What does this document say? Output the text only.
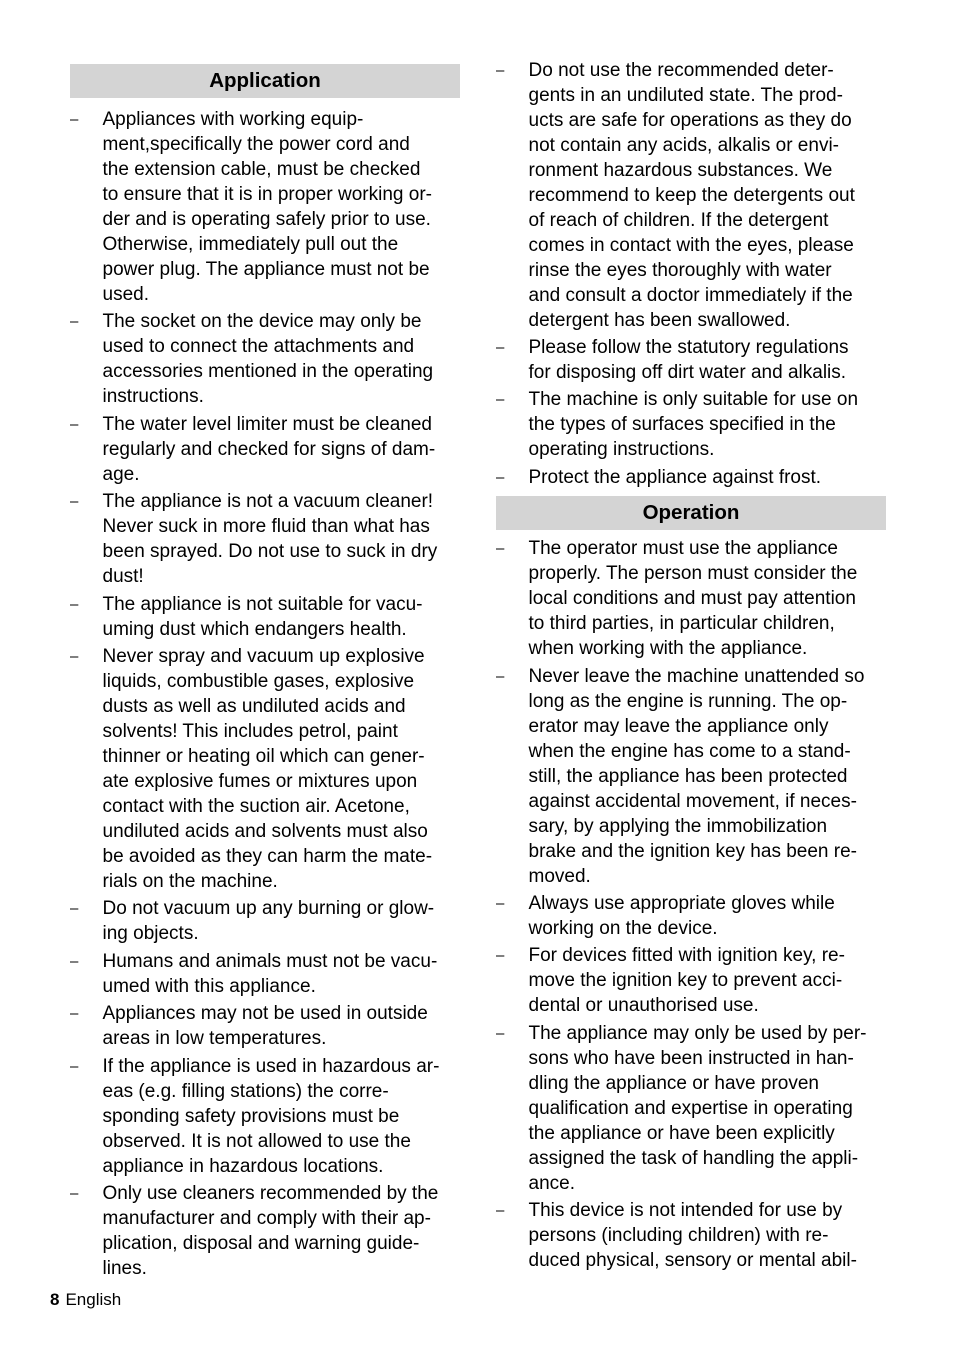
Application
– Appliances with working equip-
ment,specifically the power cord and
the extension cable, must be checked
to ensure that it is in proper working or-
der and is operating safely prior to use.
Otherwise, immediately pull out the
power plug. The appliance must not be
used.
– The socket on the device may only be
used to connect the attachments and
accessories mentioned in the operating
instructions.
– The water level limiter must be cleaned
regularly and checked for signs of dam-
age.
– The appliance is not a vacuum cleaner!
Never suck in more fluid than what has
been sprayed. Do not use to suck in dry
dust!
– The appliance is not suitable for vacu-
uming dust which endangers health.
– Never spray and vacuum up explosive
liquids, combustible gases, explosive
dusts as well as undiluted acids and
solvents! This includes petrol, paint
thinner or heating oil which can gener-
ate explosive fumes or mixtures upon
contact with the suction air. Acetone,
undiluted acids and solvents must also
be avoided as they can harm the mate-
rials on the machine.
– Do not vacuum up any burning or glow-
ing objects.
– Humans and animals must not be vacu-
umed with this appliance.
– Appliances may not be used in outside
areas in low temperatures.
– If the appliance is used in hazardous ar-
eas (e.g. filling stations) the corre-
sponding safety provisions must be
observed. It is not allowed to use the
appliance in hazardous locations.
– Only use cleaners recommended by the
manufacturer and comply with their ap-
plication, disposal and warning guide-
lines.
– Do not use the recommended deter-
gents in an undiluted state. The prod-
ucts are safe for operations as they do
not contain any acids, alkalis or envi-
ronment hazardous substances. We
recommend to keep the detergents out
of reach of children. If the detergent
comes in contact with the eyes, please
rinse the eyes thoroughly with water
and consult a doctor immediately if the
detergent has been swallowed.
– Please follow the statutory regulations
for disposing off dirt water and alkalis.
– The machine is only suitable for use on
the types of surfaces specified in the
operating instructions.
– Protect the appliance against frost.
Operation
– The operator must use the appliance
properly. The person must consider the
local conditions and must pay attention
to third parties, in particular children,
when working with the appliance.
– Never leave the machine unattended so
long as the engine is running. The op-
erator may leave the appliance only
when the engine has come to a stand-
still, the appliance has been protected
against accidental movement, if neces-
sary, by applying the immobilization
brake and the ignition key has been re-
moved.
– Always use appropriate gloves while
working on the device.
– For devices fitted with ignition key, re-
move the ignition key to prevent acci-
dental or unauthorised use.
– The appliance may only be used by per-
sons who have been instructed in han-
dling the appliance or have proven
qualification and expertise in operating
the appliance or have been explicitly
assigned the task of handling the appli-
ance.
– This device is not intended for use by
persons (including children) with re-
duced physical, sensory or mental abil-
8 English
